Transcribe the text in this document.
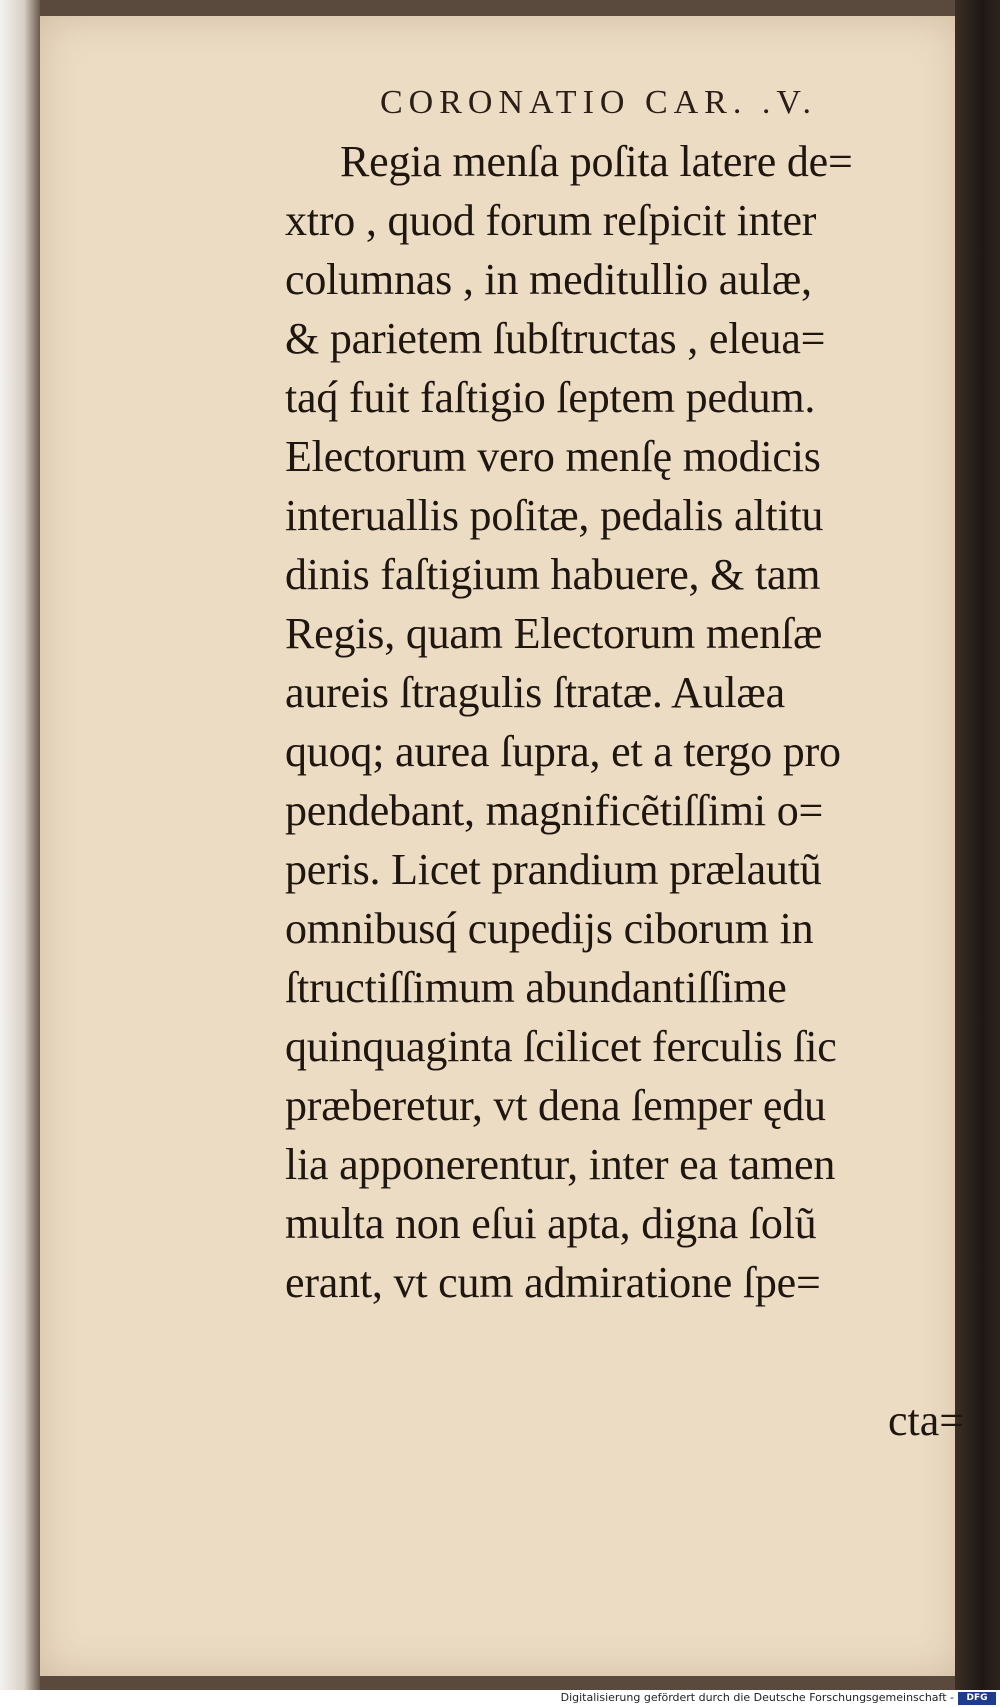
CORONATIO CAR. .V.
Regia menſa poſita latere de=
xtro , quod forum reſpicit inter
columnas , in meditullio aulæ,
& parietem ſubſtructas , eleua=
taq́ fuit faſtigio ſeptem pedum.
Electorum vero menſę modicis
interuallis poſitæ, pedalis altitu
dinis faſtigium habuere, & tam
Regis, quam Electorum menſæ
aureis ſtragulis ſtratæ. Aulæa
quoq; aurea ſupra, et a tergo pro
pendebant, magnificẽtiſſimi o=
peris. Licet prandium prælautũ
omnibusq́ cupedijs ciborum in
ſtructiſſimum abundantiſſime
quinquaginta ſcilicet ferculis ſic
præberetur, vt dena ſemper ędu
lia apponerentur, inter ea tamen
multa non eſui apta, digna ſolũ
erant, vt cum admiratione ſpe=
cta=
Digitalisierung gefördert durch die Deutsche Forschungsgemeinschaft -	DFG
